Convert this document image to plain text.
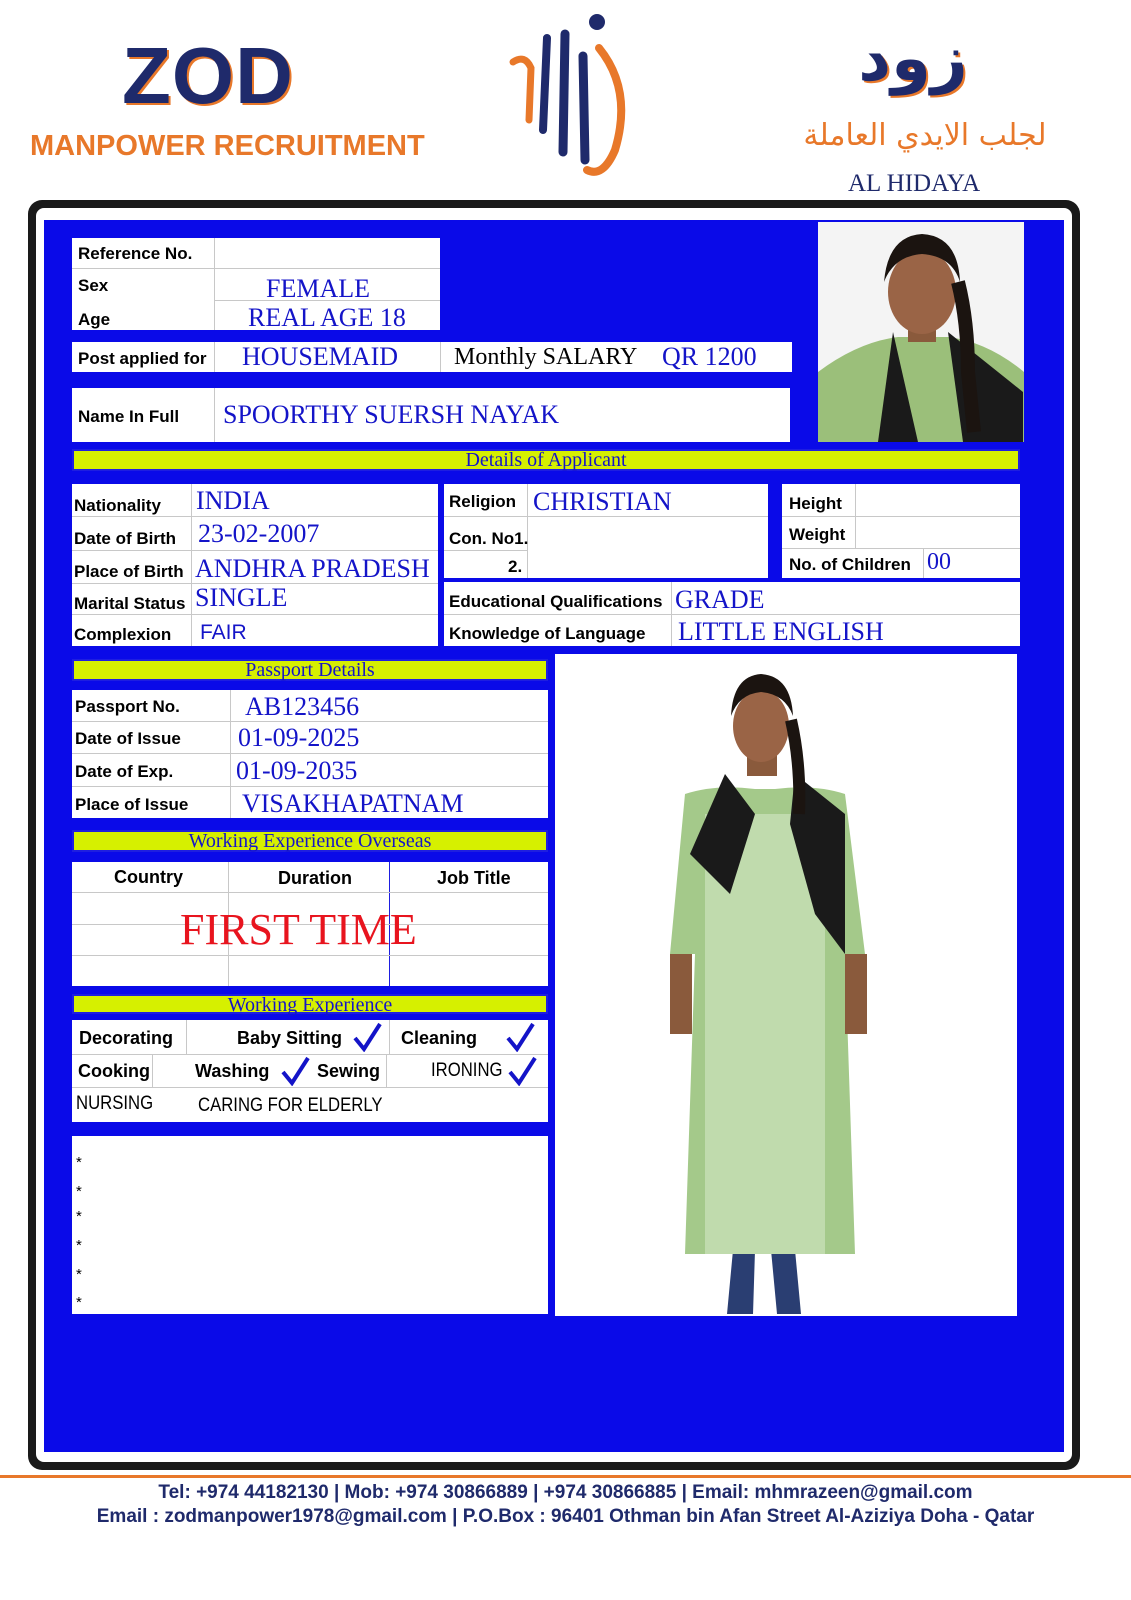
ZOD
MANPOWER RECRUITMENT
زود
لجلب الايدي العاملة
AL HIDAYA
Reference No.
Sex	FEMALE
Age	REAL AGE 18
Post applied for HOUSEMAID Monthly SALARY QR 1200
Name In Full SPOORTHY SUERSH NAYAK
Details of Applicant
Nationality INDIA
Date of Birth 23-02-2007
Place of Birth ANDHRA PRADESH
Marital Status SINGLE
Complexion FAIR
Religion CHRISTIAN
Con. No1.
2.
Height
Weight
No. of Children 00
Educational Qualifications GRADE
Knowledge of Language LITTLE ENGLISH
Passport Details
Passport No.	AB123456
Date of Issue 01-09-2025
Date of Exp. 01-09-2035
Place of Issue VISAKHAPATNAM
Working Experience Overseas
Country	Duration	Job Title
FIRST TIME
Working Experience
Decorating	Baby Sitting	Cleaning
Cooking	Washing	Sewing	IRONING
NURSING CARING FOR ELDERLY
*
*
*
*
*
*
Tel: +974 44182130 | Mob: +974 30866889 | +974 30866885 | Email: mhmrazeen@gmail.com
Email : zodmanpower1978@gmail.com | P.O.Box : 96401 Othman bin Afan Street Al-Aziziya Doha - Qatar
